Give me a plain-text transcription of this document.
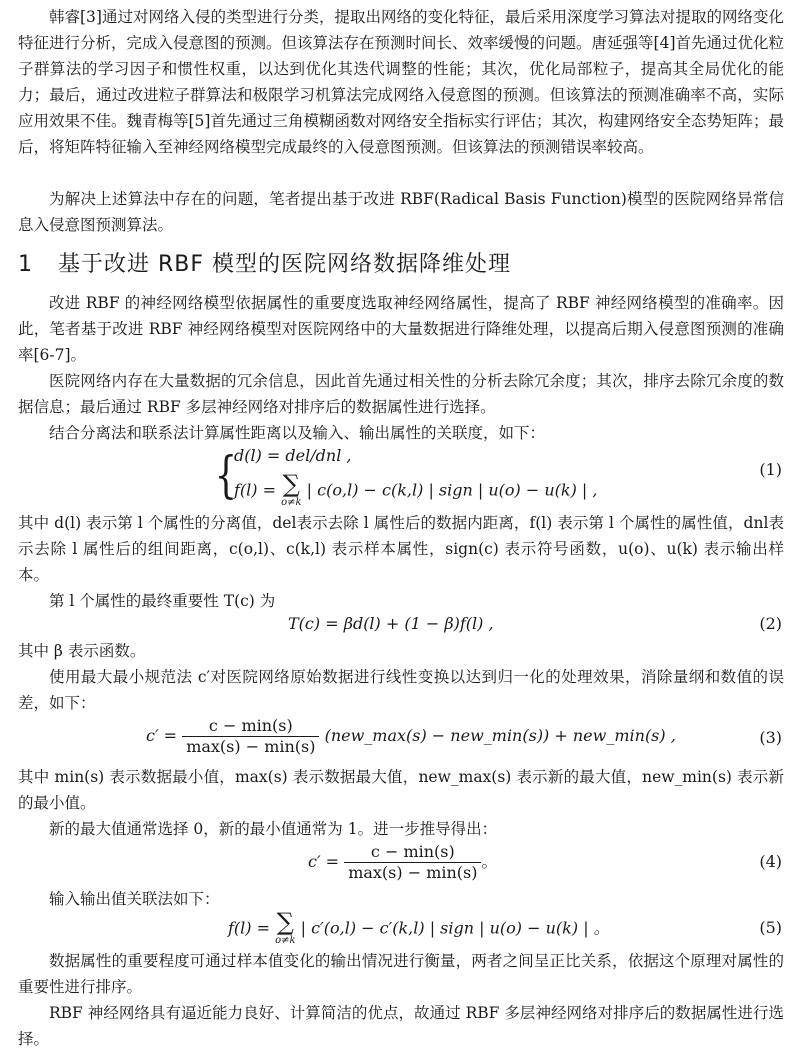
韩睿[3]通过对网络入侵的类型进行分类，提取出网络的变化特征，最后采用深度学习算法对提取的网络变化特征进行分析，完成入侵意图的预测。但该算法存在预测时间长、效率缓慢的问题。唐延强等[4]首先通过优化粒子群算法的学习因子和惯性权重，以达到优化其迭代调整的性能；其次，优化局部粒子，提高其全局优化的能力；最后，通过改进粒子群算法和极限学习机算法完成网络入侵意图的预测。但该算法的预测准确率不高，实际应用效果不佳。魏青梅等[5]首先通过三角模糊函数对网络安全指标实行评估；其次，构建网络安全态势矩阵；最后，将矩阵特征输入至神经网络模型完成最终的入侵意图预测。但该算法的预测错误率较高。

为解决上述算法中存在的问题，笔者提出基于改进 RBF(Radical Basis Function)模型的医院网络异常信息入侵意图预测算法。

1 基于改进 RBF 模型的医院网络数据降维处理

改进 RBF 的神经网络模型依据属性的重要度选取神经网络属性，提高了 RBF 神经网络模型的准确率。因此，笔者基于改进 RBF 神经网络模型对医院网络中的大量数据进行降维处理，以提高后期入侵意图预测的准确率[6-7]。

医院网络内存在大量数据的冗余信息，因此首先通过相关性的分析去除冗余度；其次，排序去除冗余度的数据信息；最后通过 RBF 多层神经网络对排序后的数据属性进行选择。

结合分离法和联系法计算属性距离以及输入、输出属性的关联度，如下：

{
d(l) = del/dnl ,
f(l) = ∑
o≠k
| c(o,l) − c(k,l) | sign | u(o) − u(k) | ,
(1)

其中 d(l) 表示第 l 个属性的分离值，del表示去除 l 属性后的数据内距离，f(l) 表示第 l 个属性的属性值，dnl表示去除 l 属性后的组间距离，c(o,l)、c(k,l) 表示样本属性，sign(c) 表示符号函数，u(o)、u(k) 表示输出样本。

第 l 个属性的最终重要性 T(c) 为

T(c) = βd(l) + (1 − β)f(l) ,	(2)

其中 β 表示函数。

使用最大最小规范法 c′对医院网络原始数据进行线性变换以达到归一化的处理效果，消除量纲和数值的误差，如下：

$c' = \frac{c - \min(s)}{\max(s) - \min(s)}$ (new_max(s) − new_min(s)) + new_min(s) ,	(3)

其中 min(s) 表示数据最小值，max(s) 表示数据最大值，new_max(s) 表示新的最大值，new_min(s) 表示新的最小值。

新的最大值通常选择 0，新的最小值通常为 1。进一步推导得出：

$c' = \frac{c - \min(s)}{\max(s) - \min(s)}$ 。	(4)

输入输出值关联法如下：

f(l) = ∑
o≠k
| c′(o,l) − c′(k,l) | sign | u(o) − u(k) | 。	(5)

数据属性的重要程度可通过样本值变化的输出情况进行衡量，两者之间呈正比关系，依据这个原理对属性的重要性进行排序。

RBF 神经网络具有逼近能力良好、计算简洁的优点，故通过 RBF 多层神经网络对排序后的数据属性进行选择。
